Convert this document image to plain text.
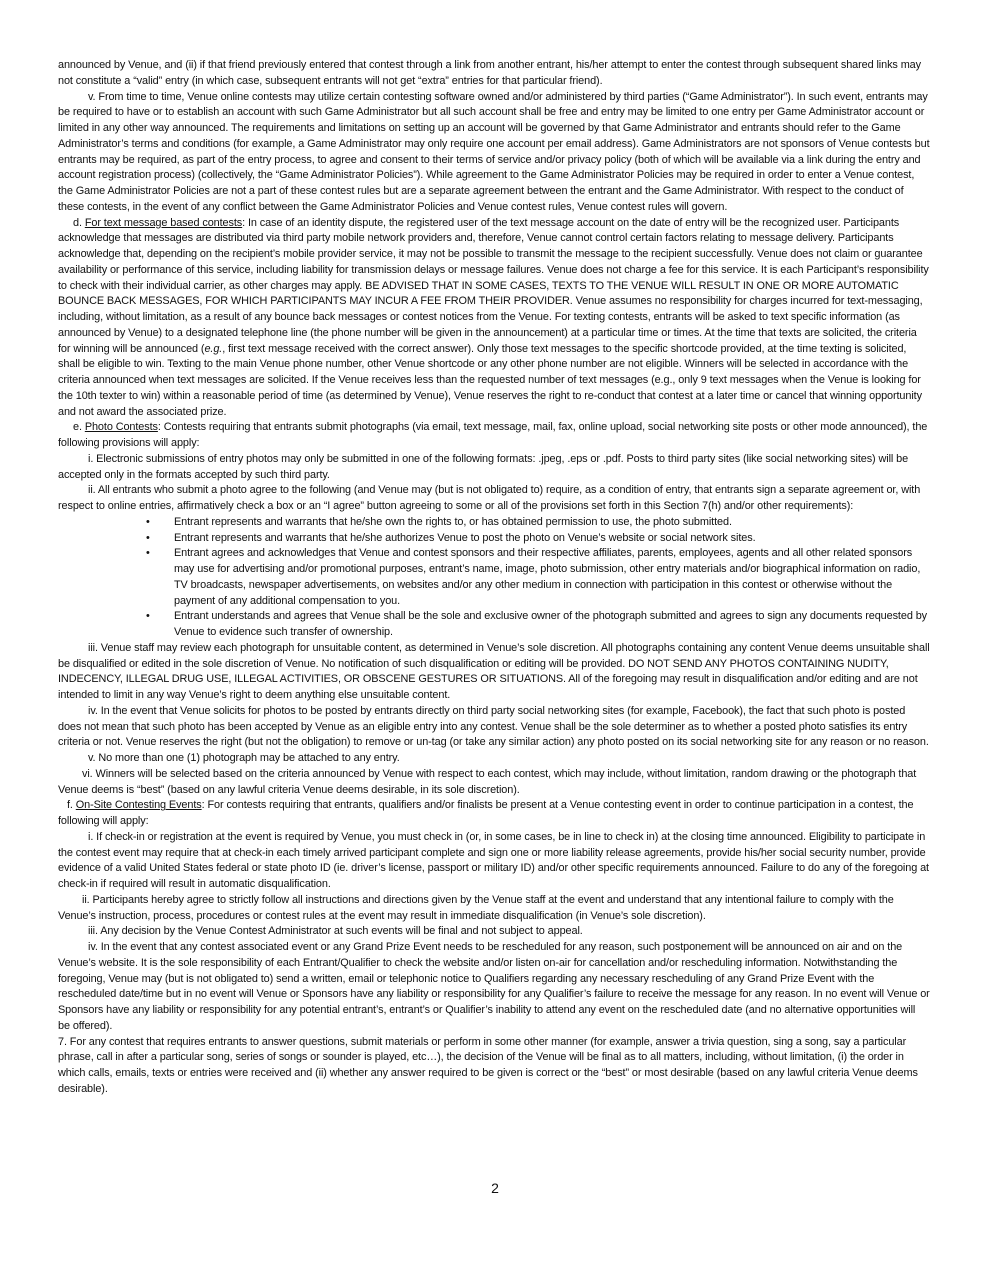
announced by Venue, and (ii) if that friend previously entered that contest through a link from another entrant, his/her attempt to enter the contest through subsequent shared links may not constitute a “valid” entry (in which case, subsequent entrants will not get “extra” entries for that particular friend).

v. From time to time, Venue online contests may utilize certain contesting software owned and/or administered by third parties (“Game Administrator”). In such event, entrants may be required to have or to establish an account with such Game Administrator but all such account shall be free and entry may be limited to one entry per Game Administrator account or limited in any other way announced. The requirements and limitations on setting up an account will be governed by that Game Administrator and entrants should refer to the Game Administrator’s terms and conditions (for example, a Game Administrator may only require one account per email address). Game Administrators are not sponsors of Venue contests but entrants may be required, as part of the entry process, to agree and consent to their terms of service and/or privacy policy (both of which will be available via a link during the entry and account registration process) (collectively, the “Game Administrator Policies”). While agreement to the Game Administrator Policies may be required in order to enter a Venue contest, the Game Administrator Policies are not a part of these contest rules but are a separate agreement between the entrant and the Game Administrator. With respect to the conduct of these contests, in the event of any conflict between the Game Administrator Policies and Venue contest rules, Venue contest rules will govern.

d. For text message based contests: In case of an identity dispute, the registered user of the text message account on the date of entry will be the recognized user. Participants acknowledge that messages are distributed via third party mobile network providers and, therefore, Venue cannot control certain factors relating to message delivery. Participants acknowledge that, depending on the recipient’s mobile provider service, it may not be possible to transmit the message to the recipient successfully. Venue does not claim or guarantee availability or performance of this service, including liability for transmission delays or message failures. Venue does not charge a fee for this service. It is each Participant’s responsibility to check with their individual carrier, as other charges may apply. BE ADVISED THAT IN SOME CASES, TEXTS TO THE VENUE WILL RESULT IN ONE OR MORE AUTOMATIC BOUNCE BACK MESSAGES, FOR WHICH PARTICIPANTS MAY INCUR A FEE FROM THEIR PROVIDER. Venue assumes no responsibility for charges incurred for text-messaging, including, without limitation, as a result of any bounce back messages or contest notices from the Venue. For texting contests, entrants will be asked to text specific information (as announced by Venue) to a designated telephone line (the phone number will be given in the announcement) at a particular time or times. At the time that texts are solicited, the criteria for winning will be announced (e.g., first text message received with the correct answer). Only those text messages to the specific shortcode provided, at the time texting is solicited, shall be eligible to win. Texting to the main Venue phone number, other Venue shortcode or any other phone number are not eligible. Winners will be selected in accordance with the criteria announced when text messages are solicited. If the Venue receives less than the requested number of text messages (e.g., only 9 text messages when the Venue is looking for the 10th texter to win) within a reasonable period of time (as determined by Venue), Venue reserves the right to re-conduct that contest at a later time or cancel that winning opportunity and not award the associated prize.

e. Photo Contests: Contests requiring that entrants submit photographs (via email, text message, mail, fax, online upload, social networking site posts or other mode announced), the following provisions will apply:

i. Electronic submissions of entry photos may only be submitted in one of the following formats: .jpeg, .eps or .pdf. Posts to third party sites (like social networking sites) will be accepted only in the formats accepted by such third party.

ii. All entrants who submit a photo agree to the following (and Venue may (but is not obligated to) require, as a condition of entry, that entrants sign a separate agreement or, with respect to online entries, affirmatively check a box or an “I agree” button agreeing to some or all of the provisions set forth in this Section 7(h) and/or other requirements):

• Entrant represents and warrants that he/she own the rights to, or has obtained permission to use, the photo submitted.
• Entrant represents and warrants that he/she authorizes Venue to post the photo on Venue’s website or social network sites.
• Entrant agrees and acknowledges that Venue and contest sponsors and their respective affiliates, parents, employees, agents and all other related sponsors may use for advertising and/or promotional purposes, entrant’s name, image, photo submission, other entry materials and/or biographical information on radio, TV broadcasts, newspaper advertisements, on websites and/or any other medium in connection with participation in this contest or otherwise without the payment of any additional compensation to you.
• Entrant understands and agrees that Venue shall be the sole and exclusive owner of the photograph submitted and agrees to sign any documents requested by Venue to evidence such transfer of ownership.

iii. Venue staff may review each photograph for unsuitable content, as determined in Venue’s sole discretion. All photographs containing any content Venue deems unsuitable shall be disqualified or edited in the sole discretion of Venue. No notification of such disqualification or editing will be provided. DO NOT SEND ANY PHOTOS CONTAINING NUDITY, INDECENCY, ILLEGAL DRUG USE, ILLEGAL ACTIVITIES, OR OBSCENE GESTURES OR SITUATIONS. All of the foregoing may result in disqualification and/or editing and are not intended to limit in any way Venue’s right to deem anything else unsuitable content.

iv. In the event that Venue solicits for photos to be posted by entrants directly on third party social networking sites (for example, Facebook), the fact that such photo is posted does not mean that such photo has been accepted by Venue as an eligible entry into any contest. Venue shall be the sole determiner as to whether a posted photo satisfies its entry criteria or not. Venue reserves the right (but not the obligation) to remove or un-tag (or take any similar action) any photo posted on its social networking site for any reason or no reason.

v. No more than one (1) photograph may be attached to any entry.

vi. Winners will be selected based on the criteria announced by Venue with respect to each contest, which may include, without limitation, random drawing or the photograph that Venue deems is “best” (based on any lawful criteria Venue deems desirable, in its sole discretion).

f. On-Site Contesting Events: For contests requiring that entrants, qualifiers and/or finalists be present at a Venue contesting event in order to continue participation in a contest, the following will apply:

i. If check-in or registration at the event is required by Venue, you must check in (or, in some cases, be in line to check in) at the closing time announced. Eligibility to participate in the contest event may require that at check-in each timely arrived participant complete and sign one or more liability release agreements, provide his/her social security number, provide evidence of a valid United States federal or state photo ID (ie. driver’s license, passport or military ID) and/or other specific requirements announced. Failure to do any of the foregoing at check-in if required will result in automatic disqualification.

ii. Participants hereby agree to strictly follow all instructions and directions given by the Venue staff at the event and understand that any intentional failure to comply with the Venue’s instruction, process, procedures or contest rules at the event may result in immediate disqualification (in Venue’s sole discretion).

iii. Any decision by the Venue Contest Administrator at such events will be final and not subject to appeal.

iv. In the event that any contest associated event or any Grand Prize Event needs to be rescheduled for any reason, such postponement will be announced on air and on the Venue’s website. It is the sole responsibility of each Entrant/Qualifier to check the website and/or listen on-air for cancellation and/or rescheduling information. Notwithstanding the foregoing, Venue may (but is not obligated to) send a written, email or telephonic notice to Qualifiers regarding any necessary rescheduling of any Grand Prize Event with the rescheduled date/time but in no event will Venue or Sponsors have any liability or responsibility for any Qualifier’s failure to receive the message for any reason. In no event will Venue or Sponsors have any liability or responsibility for any potential entrant’s, entrant’s or Qualifier’s inability to attend any event on the rescheduled date (and no alternative opportunities will be offered).

7. For any contest that requires entrants to answer questions, submit materials or perform in some other manner (for example, answer a trivia question, sing a song, say a particular phrase, call in after a particular song, series of songs or sounder is played, etc…), the decision of the Venue will be final as to all matters, including, without limitation, (i) the order in which calls, emails, texts or entries were received and (ii) whether any answer required to be given is correct or the “best” or most desirable (based on any lawful criteria Venue deems desirable).

2
